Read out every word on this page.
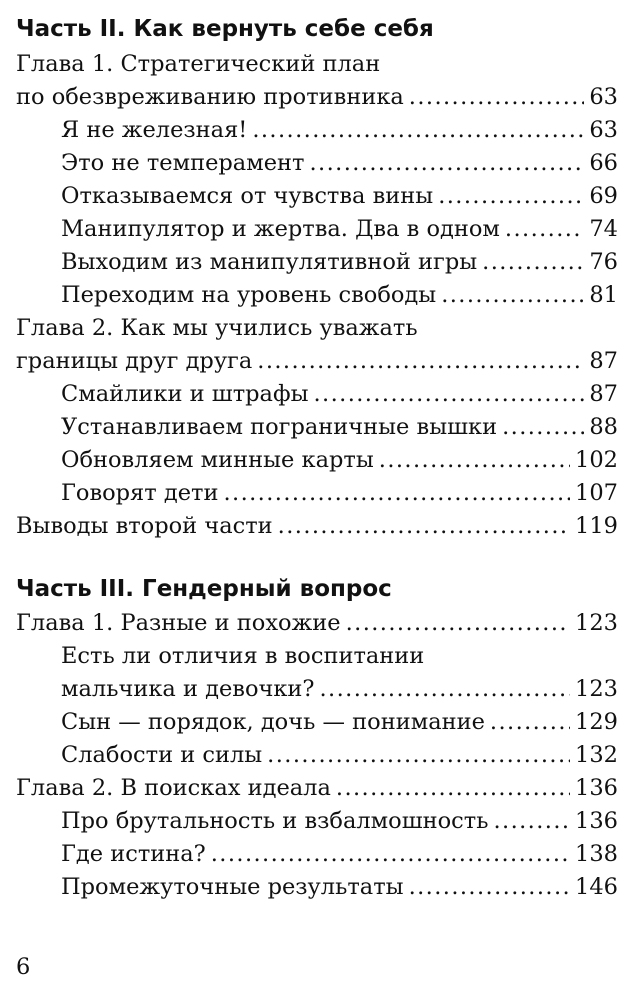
Часть II. Как вернуть себе себя
Глава 1. Стратегический план
по обезвреживанию противника .....	63
Я не железная! .....	63
Это не темперамент .....	66
Отказываемся от чувства вины .....	69
Манипулятор и жертва. Два в одном .....	74
Выходим из манипулятивной игры .....	76
Переходим на уровень свободы .....	81
Глава 2. Как мы учились уважать
границы друг друга .....	87
Смайлики и штрафы .....	87
Устанавливаем пограничные вышки .....	88
Обновляем минные карты .....	102
Говорят дети .....	107
Выводы второй части .....	119
Часть III. Гендерный вопрос
Глава 1. Разные и похожие .....	123
Есть ли отличия в воспитании
мальчика и девочки? .....	123
Сын — порядок, дочь — понимание .....	129
Слабости и силы .....	132
Глава 2. В поисках идеала .....	136
Про брутальность и взбалмошность .....	136
Где истина? .....	138
Промежуточные результаты .....	146
6
